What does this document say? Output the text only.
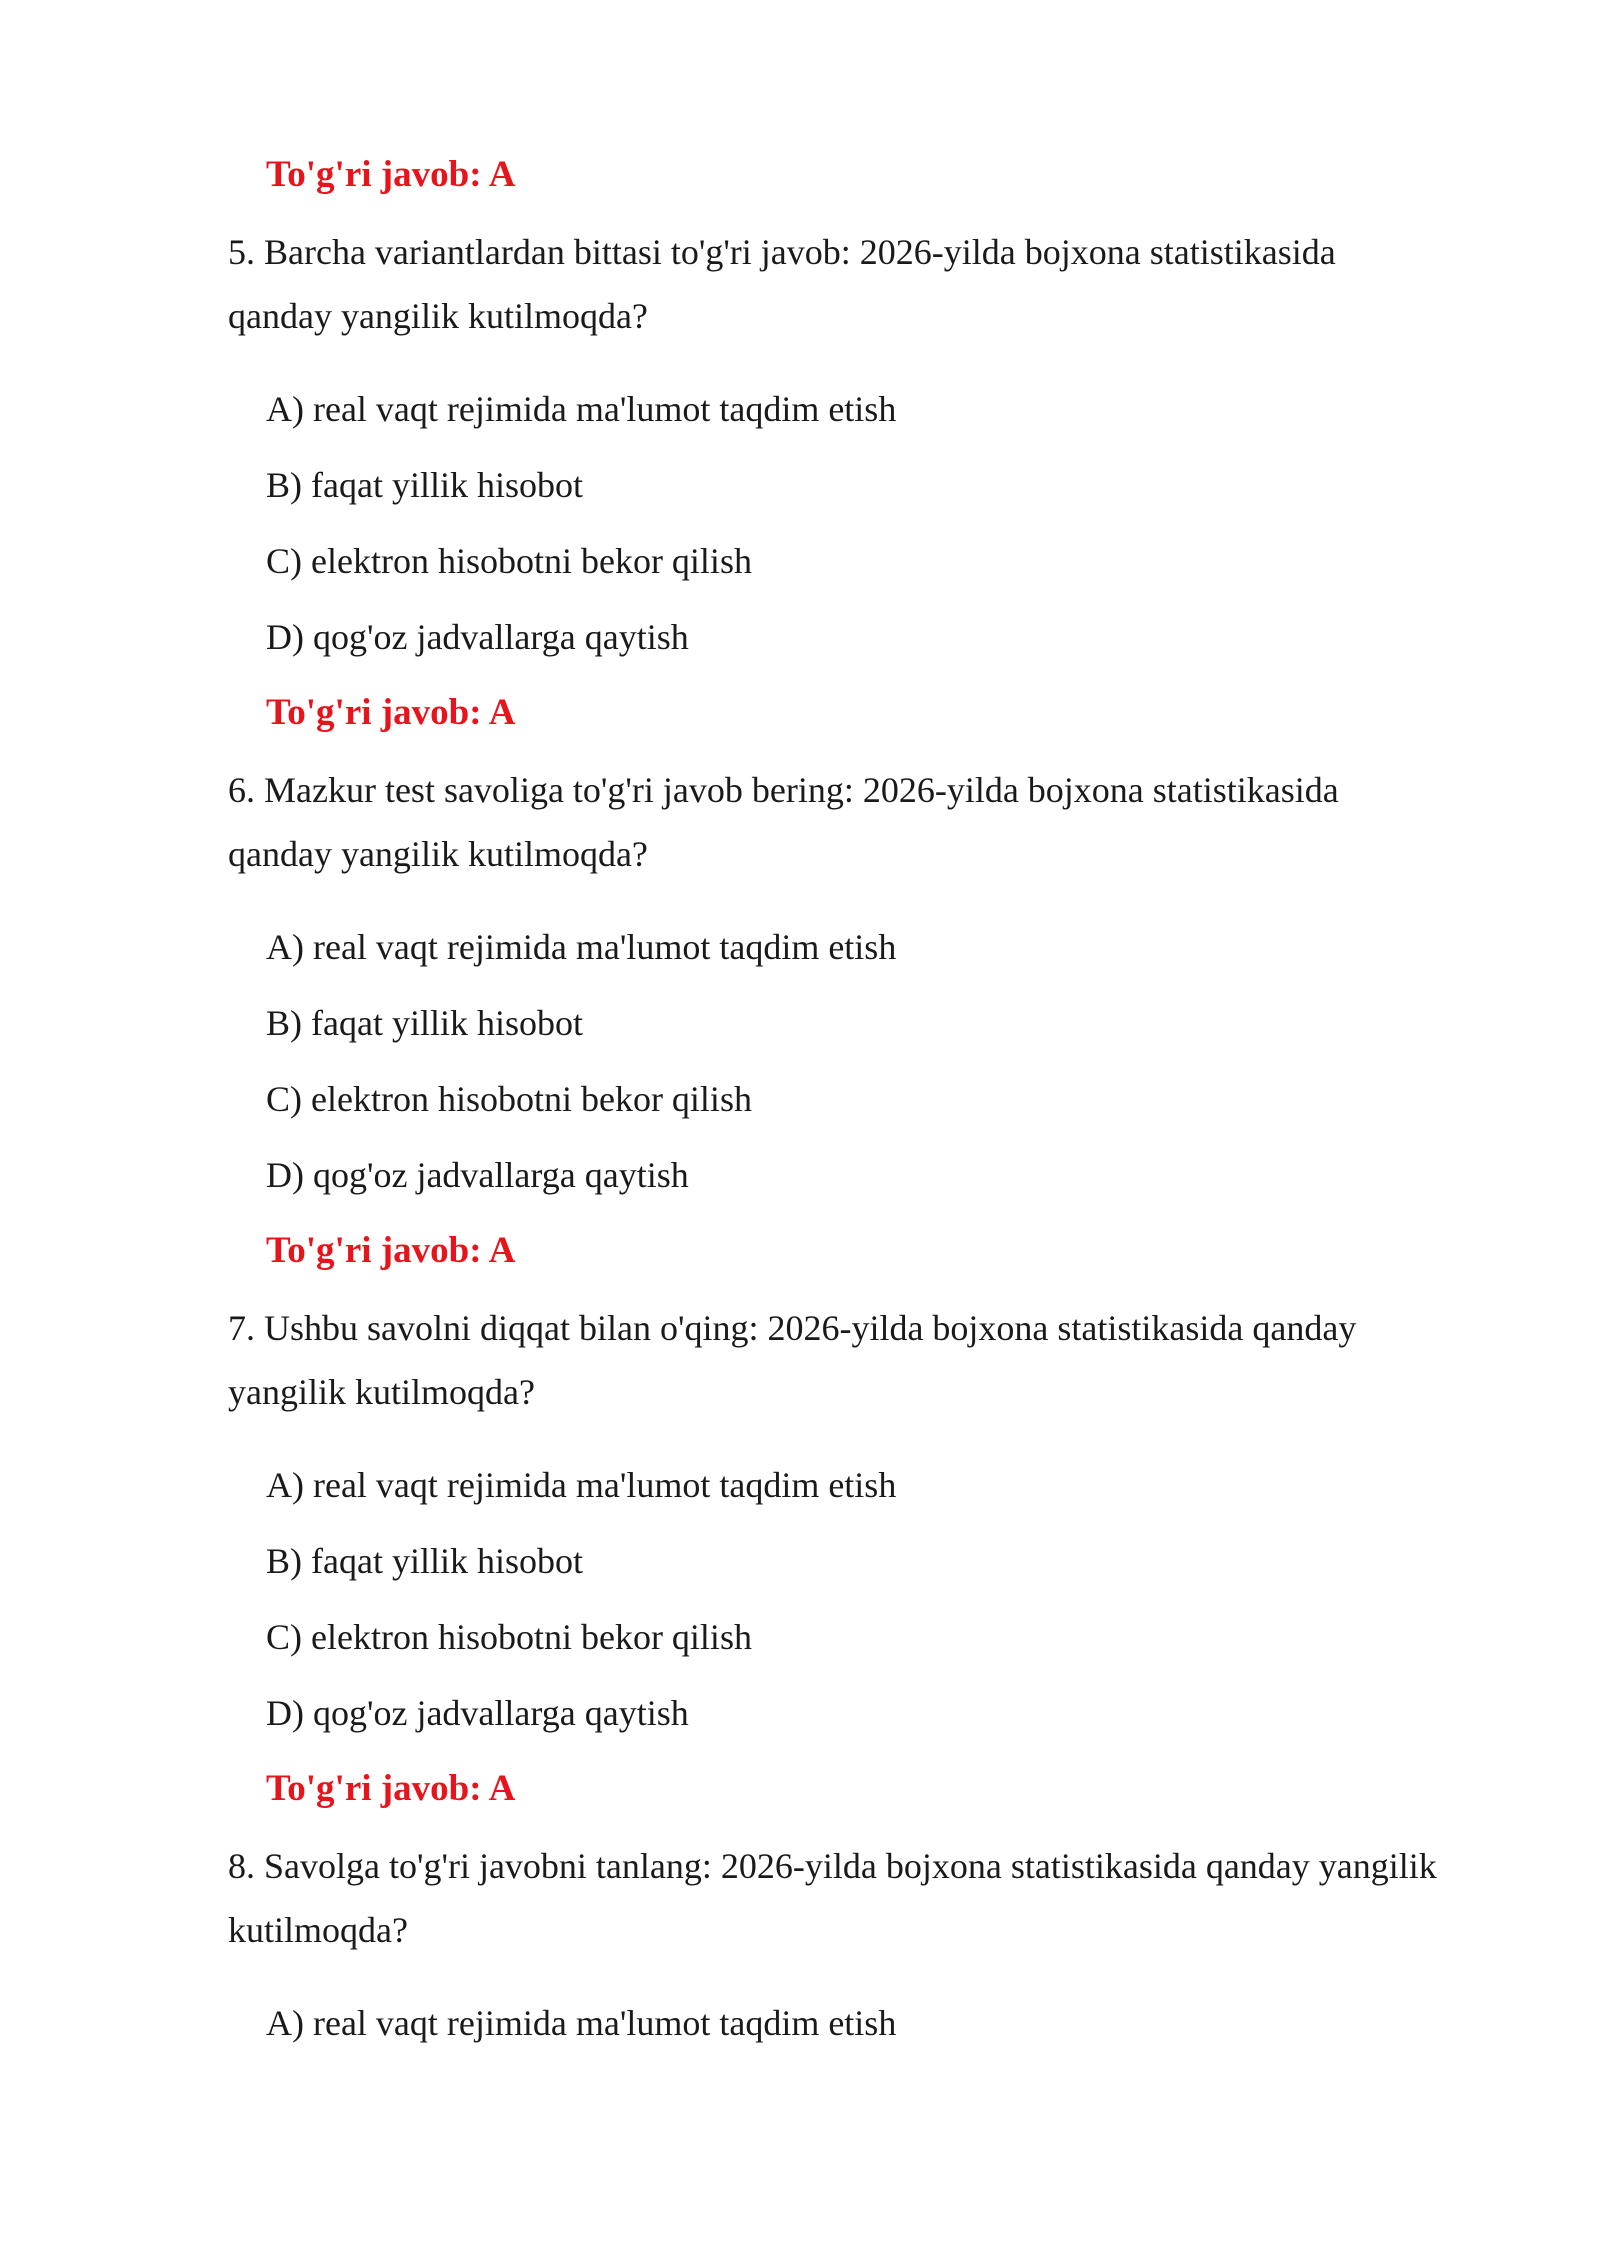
To'g'ri javob: A
5. Barcha variantlardan bittasi to'g'ri javob: 2026-yilda bojxona statistikasida qanday yangilik kutilmoqda?
A) real vaqt rejimida ma'lumot taqdim etish
B) faqat yillik hisobot
C) elektron hisobotni bekor qilish
D) qog'oz jadvallarga qaytish
To'g'ri javob: A
6. Mazkur test savoliga to'g'ri javob bering: 2026-yilda bojxona statistikasida qanday yangilik kutilmoqda?
A) real vaqt rejimida ma'lumot taqdim etish
B) faqat yillik hisobot
C) elektron hisobotni bekor qilish
D) qog'oz jadvallarga qaytish
To'g'ri javob: A
7. Ushbu savolni diqqat bilan o'qing: 2026-yilda bojxona statistikasida qanday yangilik kutilmoqda?
A) real vaqt rejimida ma'lumot taqdim etish
B) faqat yillik hisobot
C) elektron hisobotni bekor qilish
D) qog'oz jadvallarga qaytish
To'g'ri javob: A
8. Savolga to'g'ri javobni tanlang: 2026-yilda bojxona statistikasida qanday yangilik kutilmoqda?
A) real vaqt rejimida ma'lumot taqdim etish
